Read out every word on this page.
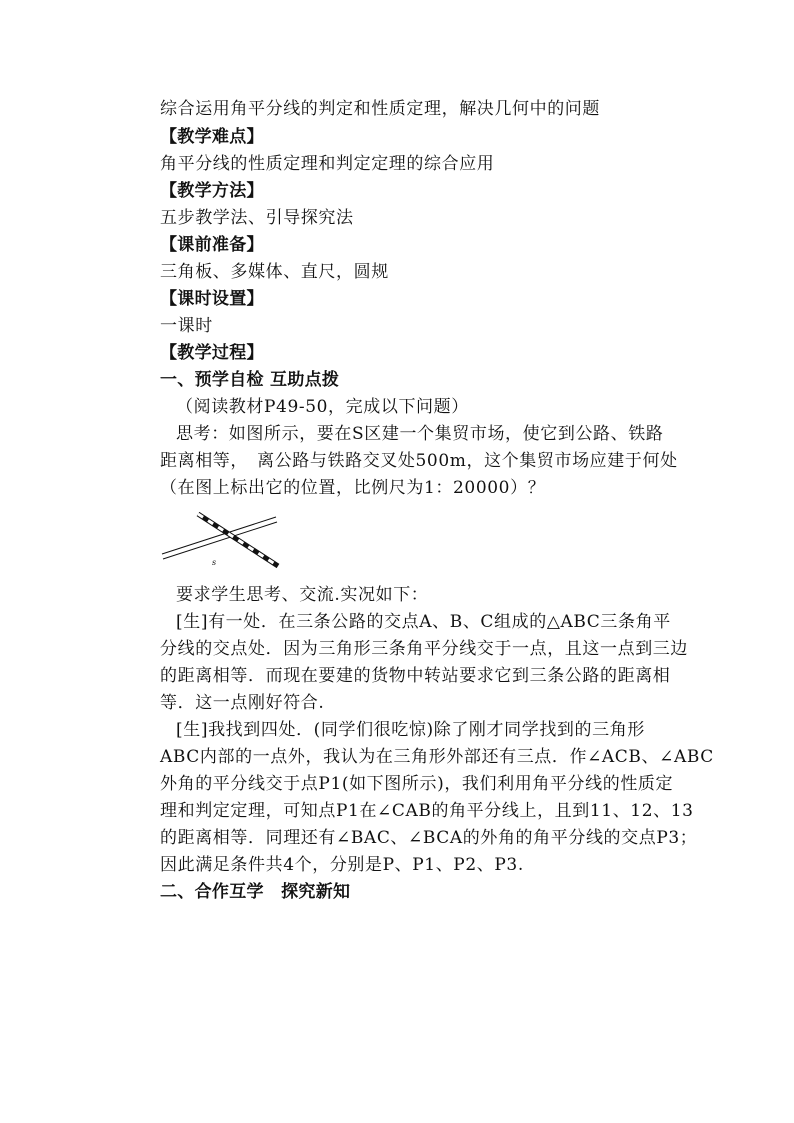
综合运用角平分线的判定和性质定理，解决几何中的问题
【教学难点】
角平分线的性质定理和判定定理的综合应用
【教学方法】
五步教学法、引导探究法
【课前准备】
三角板、多媒体、直尺，圆规
【课时设置】
一课时
【教学过程】
一、预学自检 互助点拨
（阅读教材P49-50，完成以下问题）
思考：如图所示，要在S区建一个集贸市场，使它到公路、铁路
距离相等，　离公路与铁路交叉处500m，这个集贸市场应建于何处
（在图上标出它的位置，比例尺为1：20000）？
s
要求学生思考、交流.实况如下：
[生]有一处．在三条公路的交点A、B、C组成的△ABC三条角平
分线的交点处．因为三角形三条角平分线交于一点，且这一点到三边
的距离相等．而现在要建的货物中转站要求它到三条公路的距离相
等．这一点刚好符合.
[生]我找到四处．(同学们很吃惊)除了刚才同学找到的三角形
ABC内部的一点外，我认为在三角形外部还有三点．作∠ACB、∠ABC
外角的平分线交于点P1(如下图所示)，我们利用角平分线的性质定
理和判定定理，可知点P1在∠CAB的角平分线上，且到11、12、13
的距离相等．同理还有∠BAC、∠BCA的外角的角平分线的交点P3；
因此满足条件共4个，分别是P、P1、P2、P3.
二、合作互学　探究新知
